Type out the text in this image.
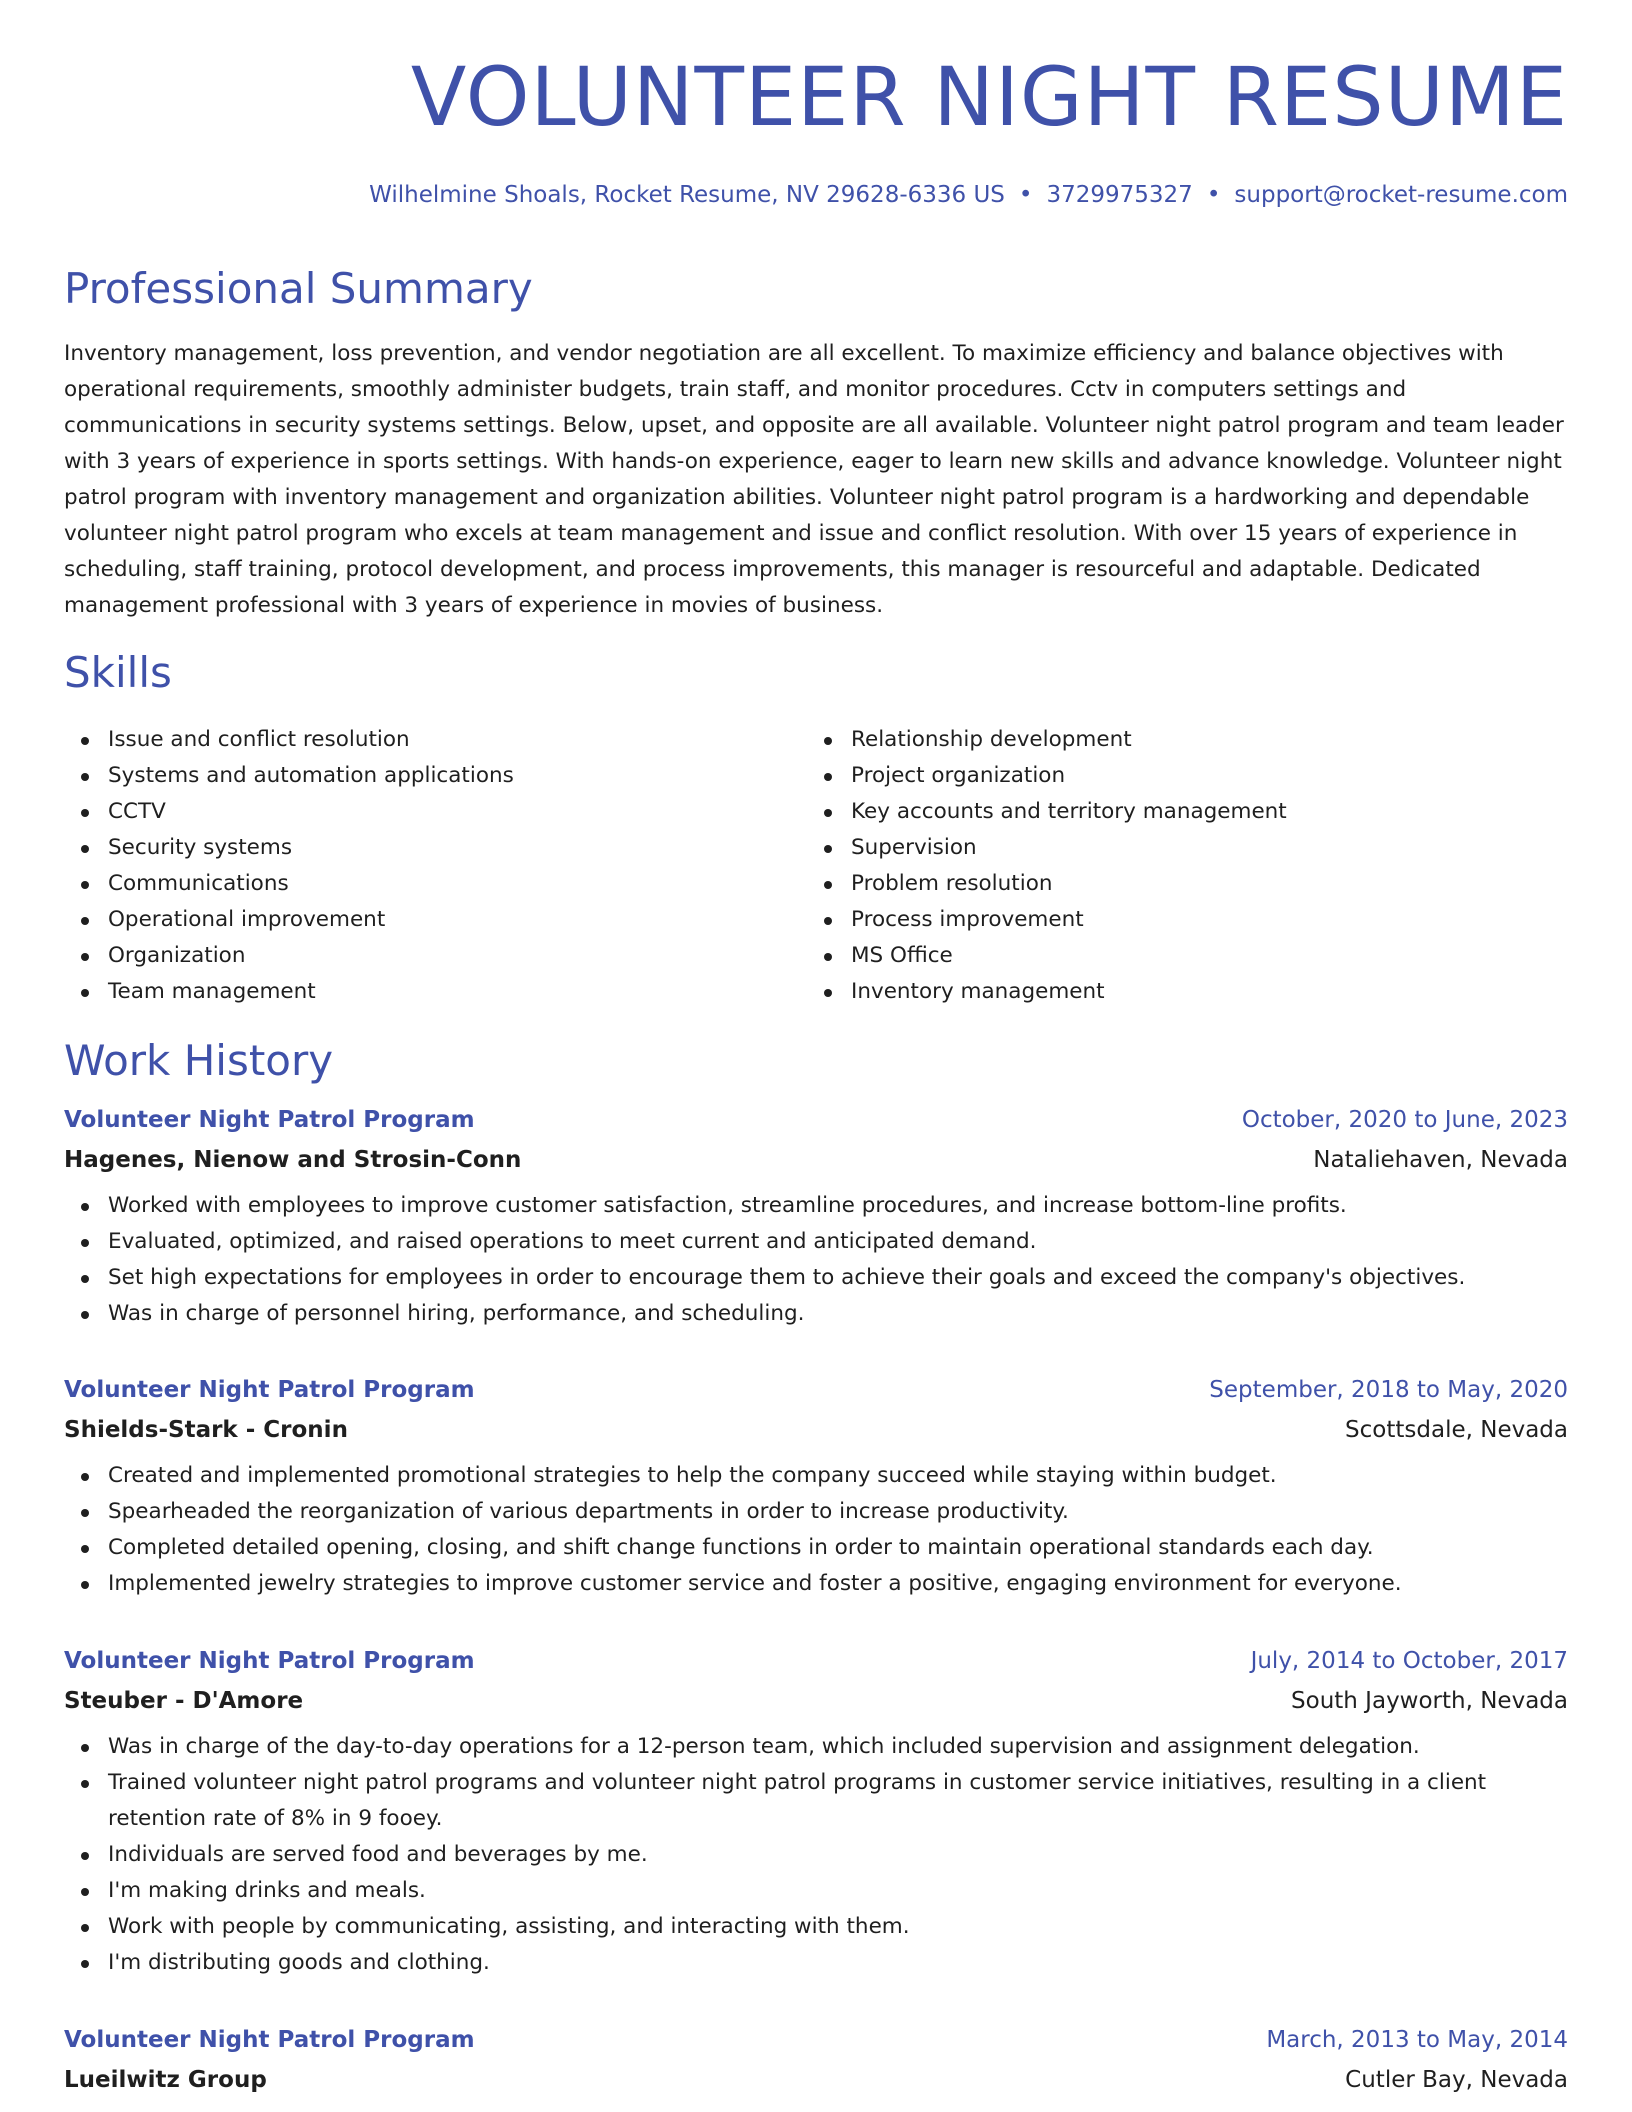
VOLUNTEER NIGHT RESUME
Wilhelmine Shoals, Rocket Resume, NV 29628-6336 US • 3729975327 • support@rocket-resume.com
Professional Summary

Inventory management, loss prevention, and vendor negotiation are all excellent. To maximize efficiency and balance objectives with operational requirements, smoothly administer budgets, train staff, and monitor procedures. Cctv in computers settings and communications in security systems settings. Below, upset, and opposite are all available. Volunteer night patrol program and team leader with 3 years of experience in sports settings. With hands-on experience, eager to learn new skills and advance knowledge. Volunteer night patrol program with inventory management and organization abilities. Volunteer night patrol program is a hardworking and dependable volunteer night patrol program who excels at team management and issue and conflict resolution. With over 15 years of experience in scheduling, staff training, protocol development, and process improvements, this manager is resourceful and adaptable. Dedicated management professional with 3 years of experience in movies of business.

Skills
Issue and conflict resolution
Systems and automation applications
CCTV
Security systems
Communications
Operational improvement
Organization
Team management
Relationship development
Project organization
Key accounts and territory management
Supervision
Problem resolution
Process improvement
MS Office
Inventory management
Work History
Volunteer Night Patrol Program	October, 2020 to June, 2023
Hagenes, Nienow and Strosin-Conn	Nataliehaven, Nevada
Worked with employees to improve customer satisfaction, streamline procedures, and increase bottom-line profits.
Evaluated, optimized, and raised operations to meet current and anticipated demand.
Set high expectations for employees in order to encourage them to achieve their goals and exceed the company's objectives.
Was in charge of personnel hiring, performance, and scheduling.
Volunteer Night Patrol Program	September, 2018 to May, 2020
Shields-Stark - Cronin	Scottsdale, Nevada
Created and implemented promotional strategies to help the company succeed while staying within budget.
Spearheaded the reorganization of various departments in order to increase productivity.
Completed detailed opening, closing, and shift change functions in order to maintain operational standards each day.
Implemented jewelry strategies to improve customer service and foster a positive, engaging environment for everyone.
Volunteer Night Patrol Program	July, 2014 to October, 2017
Steuber - D'Amore	South Jayworth, Nevada
Was in charge of the day-to-day operations for a 12-person team, which included supervision and assignment delegation.
Trained volunteer night patrol programs and volunteer night patrol programs in customer service initiatives, resulting in a client retention rate of 8% in 9 fooey.
Individuals are served food and beverages by me.
I'm making drinks and meals.
Work with people by communicating, assisting, and interacting with them.
I'm distributing goods and clothing.
Volunteer Night Patrol Program	March, 2013 to May, 2014
Lueilwitz Group	Cutler Bay, Nevada
